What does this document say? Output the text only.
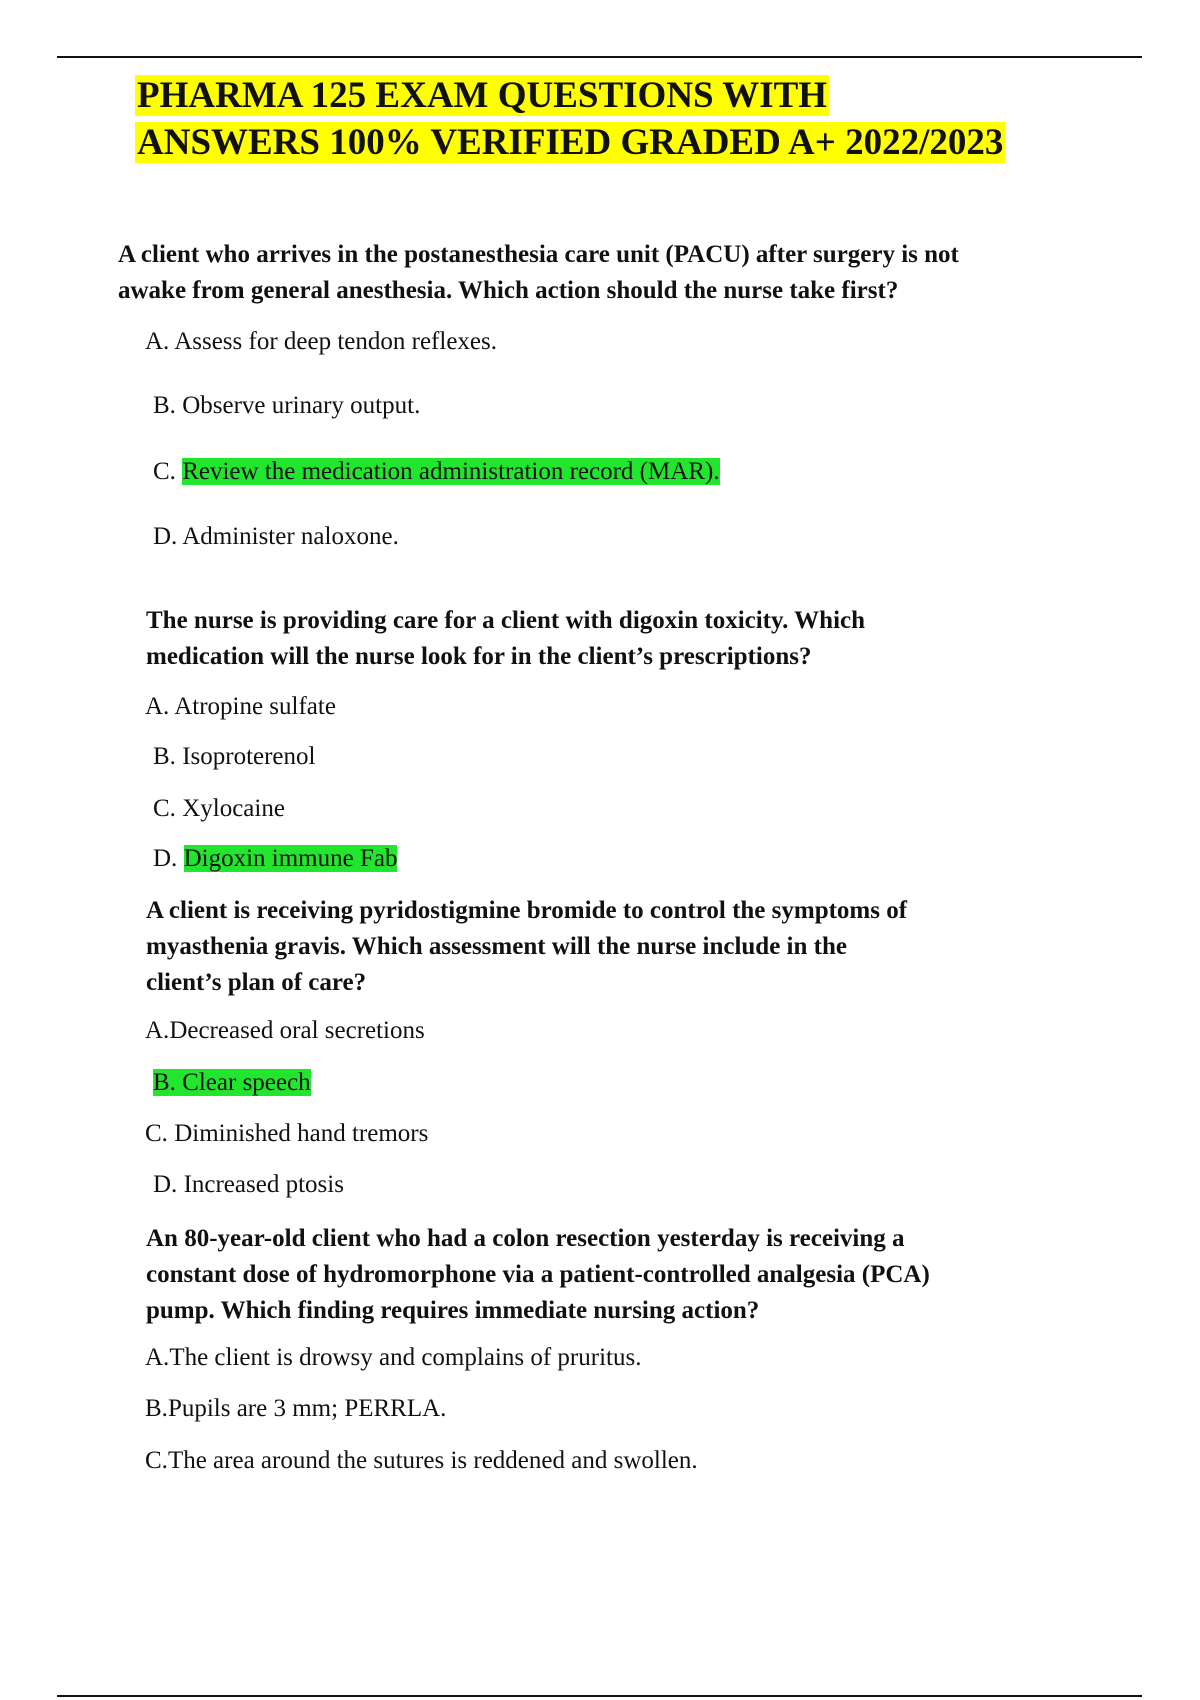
PHARMA 125 EXAM QUESTIONS WITH
ANSWERS 100% VERIFIED GRADED A+ 2022/2023

A client who arrives in the postanesthesia care unit (PACU) after surgery is not
awake from general anesthesia. Which action should the nurse take first?

A. Assess for deep tendon reflexes.

B. Observe urinary output.

C. Review the medication administration record (MAR).

D. Administer naloxone.

The nurse is providing care for a client with digoxin toxicity. Which
medication will the nurse look for in the client’s prescriptions?

A. Atropine sulfate

B. Isoproterenol

C. Xylocaine

D. Digoxin immune Fab

A client is receiving pyridostigmine bromide to control the symptoms of
myasthenia gravis. Which assessment will the nurse include in the
client’s plan of care?

A.Decreased oral secretions

B. Clear speech

C. Diminished hand tremors

D. Increased ptosis

An 80-year-old client who had a colon resection yesterday is receiving a
constant dose of hydromorphone via a patient-controlled analgesia (PCA)
pump. Which finding requires immediate nursing action?

A.The client is drowsy and complains of pruritus.

B.Pupils are 3 mm; PERRLA.

C.The area around the sutures is reddened and swollen.
